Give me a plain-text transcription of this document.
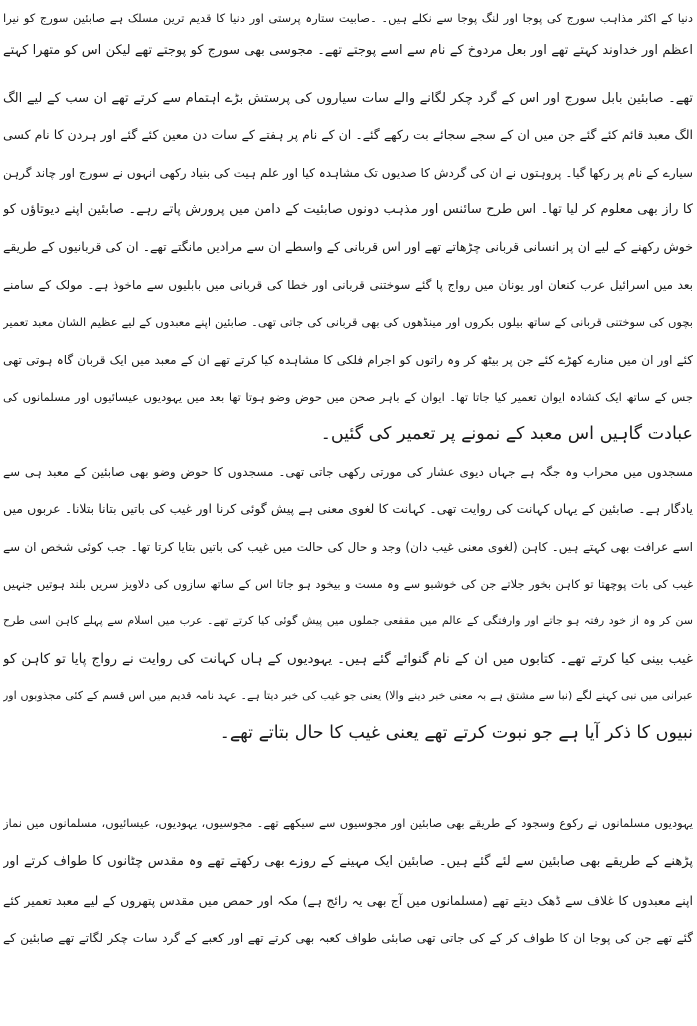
دنیا کے اکثر مذاہب سورج کی پوجا اور لنگ پوجا سے نکلے ہیں۔ ۔صابیت ستارہ پرستی اور دنیا کا قدیم ترین مسلک ہے صابئین سورج کو نیرا
اعظم اور خداوند کہتے تھے اور بعل مردوخ کے نام سے اسے پوجتے تھے۔ مجوسی بھی سورج کو پوجتے تھے لیکن اس کو متھرا کہتے
تھے۔ صابئین بابل سورج اور اس کے گرد چکر لگانے والے سات سیاروں کی پرستش بڑے اہتمام سے کرتے تھے ان سب کے لیے الگ
الگ معبد قائم کئے گئے جن میں ان کے سجے سجائے بت رکھے گئے۔ ان کے نام پر ہفتے کے سات دن معین کئے گئے اور ہردن کا نام کسی
سیارے کے نام پر رکھا گیا۔ پروہتوں نے ان کی گردش کا صدیوں تک مشاہدہ کیا اور علم ہیت کی بنیاد رکھی انہوں نے سورج اور چاند گرہن
کا راز بھی معلوم کر لیا تھا۔ اس طرح سائنس اور مذہب دونوں صابئیت کے دامن میں پرورش پاتے رہے۔ صابئین اپنے دیوتاؤں کو
خوش رکھنے کے لیے ان پر انسانی قربانی چڑھاتے تھے اور اس قربانی کے واسطے ان سے مرادیں مانگتے تھے۔ ان کی قربانیوں کے طریقے
بعد میں اسرائیل عرب کنعان اور یونان میں رواج پا گئے سوختنی قربانی اور خطا کی قربانی میں بابلیوں سے ماخوذ ہے۔ مولک کے سامنے
بچوں کی سوختنی قربانی کے ساتھ بیلوں بکروں اور مینڈھوں کی بھی قربانی کی جاتی تھی۔ صابئین اپنے معبدوں کے لیے عظیم الشان معبد تعمیر
کئے اور ان میں منارے کھڑے کئے جن پر بیٹھ کر وہ راتوں کو اجرام فلکی کا مشاہدہ کیا کرتے تھے ان کے معبد میں ایک قربان گاہ ہوتی تھی
جس کے ساتھ ایک کشادہ ایوان تعمیر کیا جاتا تھا۔ ایوان کے باہر صحن میں حوض وضو ہوتا تھا بعد میں یہودیوں عیسائیوں اور مسلمانوں کی
عبادت گاہیں اس معبد کے نمونے پر تعمیر کی گئیں۔
مسجدوں میں محراب وہ جگہ ہے جہاں دیوی عشار کی مورتی رکھی جاتی تھی۔ مسجدوں کا حوض وضو بھی صابئین کے معبد ہی سے
یادگار ہے۔ صابئین کے یہاں کہانت کی روایت تھی۔ کہانت کا لغوی معنی ہے پیش گوئی کرنا اور غیب کی باتیں بتانا بتلانا۔ عربوں میں
اسے عرافت بھی کہتے ہیں۔ کاہن (لغوی معنی غیب دان) وجد و حال کی حالت میں غیب کی باتیں بتایا کرتا تھا۔ جب کوئی شخص ان سے
غیب کی بات پوچھتا تو کاہن بخور جلاتے جن کی خوشبو سے وہ مست و بیخود ہو جاتا اس کے ساتھ سازوں کی دلاویز سریں بلند ہوتیں جنہیں
سن کر وہ از خود رفتہ ہو جاتے اور وارفتگی کے عالم میں مقفعی جملوں میں پیش گوئی کیا کرتے تھے۔ عرب میں اسلام سے پہلے کاہن اسی طرح
غیب بینی کیا کرتے تھے۔ کتابوں میں ان کے نام گنوائے گئے ہیں۔ یہودیوں کے ہاں کہانت کی روایت نے رواج پایا تو کاہن کو
عبرانی میں نبی کہنے لگے (نبا سے مشتق ہے بہ معنی خبر دینے والا) یعنی جو غیب کی خبر دیتا ہے۔ عہد نامہ قدیم میں اس قسم کے کئی مجذوبوں اور
نبیوں کا ذکر آیا ہے جو نبوت کرتے تھے یعنی غیب کا حال بتاتے تھے۔
یہودیوں مسلمانوں نے رکوع وسجود کے طریقے بھی صابئین اور مجوسیوں سے سیکھے تھے۔ مجوسیوں، یہودیوں، عیسائیوں، مسلمانوں میں نماز
پڑھنے کے طریقے بھی صابئین سے لئے گئے ہیں۔ صابئین ایک مہینے کے روزے بھی رکھتے تھے وہ مقدس چٹانوں کا طواف کرتے اور
اپنے معبدوں کا غلاف سے ڈھک دیتے تھے (مسلمانوں میں آج بھی یہ رائج ہے) مکہ اور حمص میں مقدس پتھروں کے لیے معبد تعمیر کئے
گئے تھے جن کی پوجا ان کا طواف کر کے کی جاتی تھی صابئی طواف کعبہ بھی کرتے تھے اور کعبے کے گرد سات چکر لگاتے تھے صابئین کے
